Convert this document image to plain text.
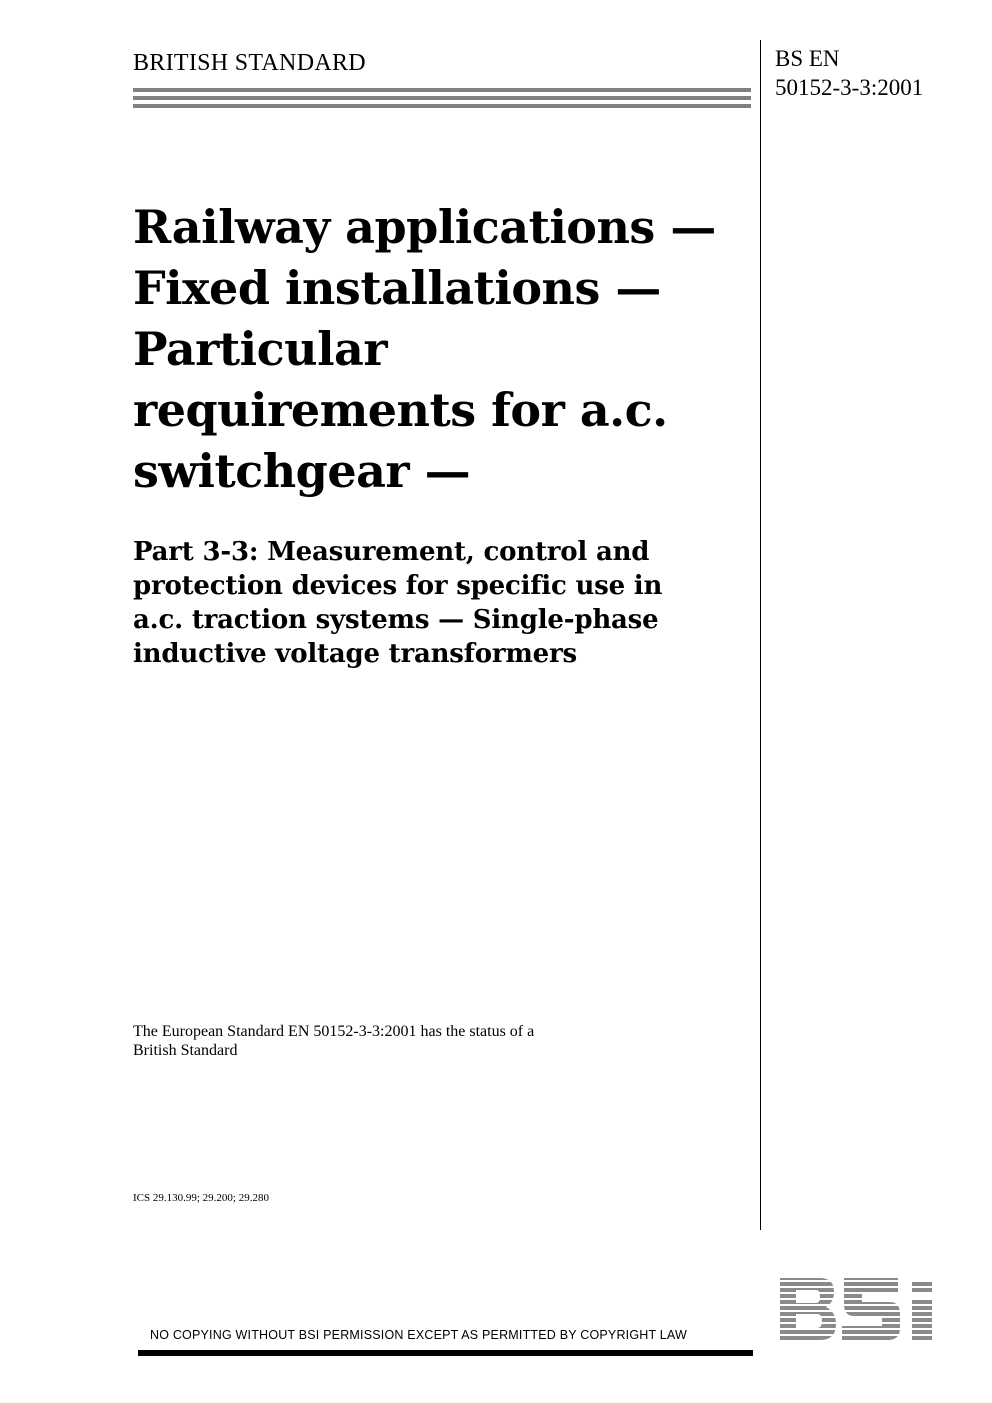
BRITISH STANDARD	BS EN
50152-3-3:2001
Railway applications —
Fixed installations —
Particular
requirements for a.c.
switchgear —
Part 3-3: Measurement, control and
protection devices for specific use in
a.c. traction systems — Single-phase
inductive voltage transformers
The European Standard EN 50152-3-3:2001 has the status of a
British Standard
ICS 29.130.99; 29.200; 29.280
NO COPYING WITHOUT BSI PERMISSION EXCEPT AS PERMITTED BY COPYRIGHT LAW
